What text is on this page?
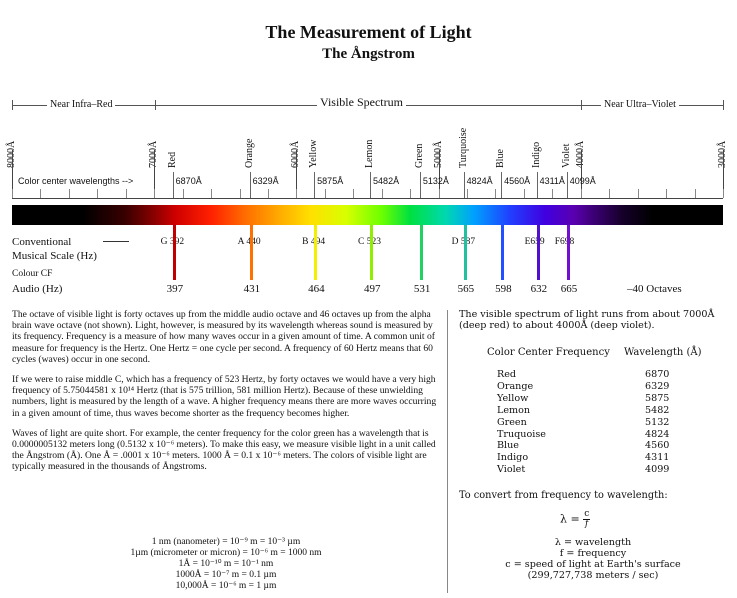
The Measurement of Light
The Ångstrom
Near Infra–Red	Visible Spectrum	Near Ultra–Violet
8000Å	7000Å	6000Å	5000Å	4000Å	3000Å
Red	Orange	Yellow	Lemon	Green	Turquoise	Blue Indigo Violet
Color center wavelengths -->	6870Å	6329Å	5875Å	5482Å	5132Å 4824Å 4560Å 4311Å 4099Å
Conventional
Musical Scale (Hz)
G 392	A 440	B 494	C 523	D 587	E659 F698
Colour CF
Audio (Hz)	397	431	464	497	531 565 598 632 665	–40 Octaves

The octave of visible light is forty octaves up from the middle audio octave and 46 octaves up from the alpha brain wave octave (not shown). Light, however, is measured by its wavelength whereas sound is measured by its frequency. Frequency is a measure of how many waves occur in a given amount of time. A common unit of measure for frequency is the Hertz. One Hertz = one cycle per second. A frequency of 60 Hertz means that 60 cycles (waves) occur in one second.

If we were to raise middle C, which has a frequency of 523 Hertz, by forty octaves we would have a very high frequency of 5.75044581 x 10¹⁴ Hertz (that is 575 trillion, 581 million Hertz). Because of these unwielding numbers, light is measured by the length of a wave. A higher frequency means there are more waves occurring in a given amount of time, thus waves become shorter as the frequency becomes higher.

Waves of light are quite short. For example, the center frequency for the color green has a wavelength that is 0.0000005132 meters long (0.5132 x 10⁻⁶ meters). To make this easy, we measure visible light in a unit called the Ångstrom (Å). One Å = .0001 x 10⁻⁶ meters. 1000 Å = 0.1 x 10⁻⁶ meters. The colors of visible light are typically measured in the thousands of Ångstroms.

1 nm (nanometer) = 10⁻⁹ m = 10⁻³ µm
1µm (micrometer or micron) = 10⁻⁶ m = 1000 nm
1Å = 10⁻¹⁰ m = 10⁻¹ nm
1000Å = 10⁻⁷ m = 0.1 µm
10,000Å = 10⁻⁶ m = 1 µm
The visible spectrum of light runs from about 7000Å (deep red) to about 4000Å (deep violet).
Color Center Frequency Wavelength (Å)
Red	6870
Orange	6329
Yellow	5875
Lemon	5482
Green	5132
Truquoise	4824
Blue	4560
Indigo	4311
Violet	4099
To convert from frequency to wavelength:
$\lambda = \frac{c}{f}$
λ = wavelength
f = frequency
c = speed of light at Earth's surface
(299,727,738 meters / sec)
